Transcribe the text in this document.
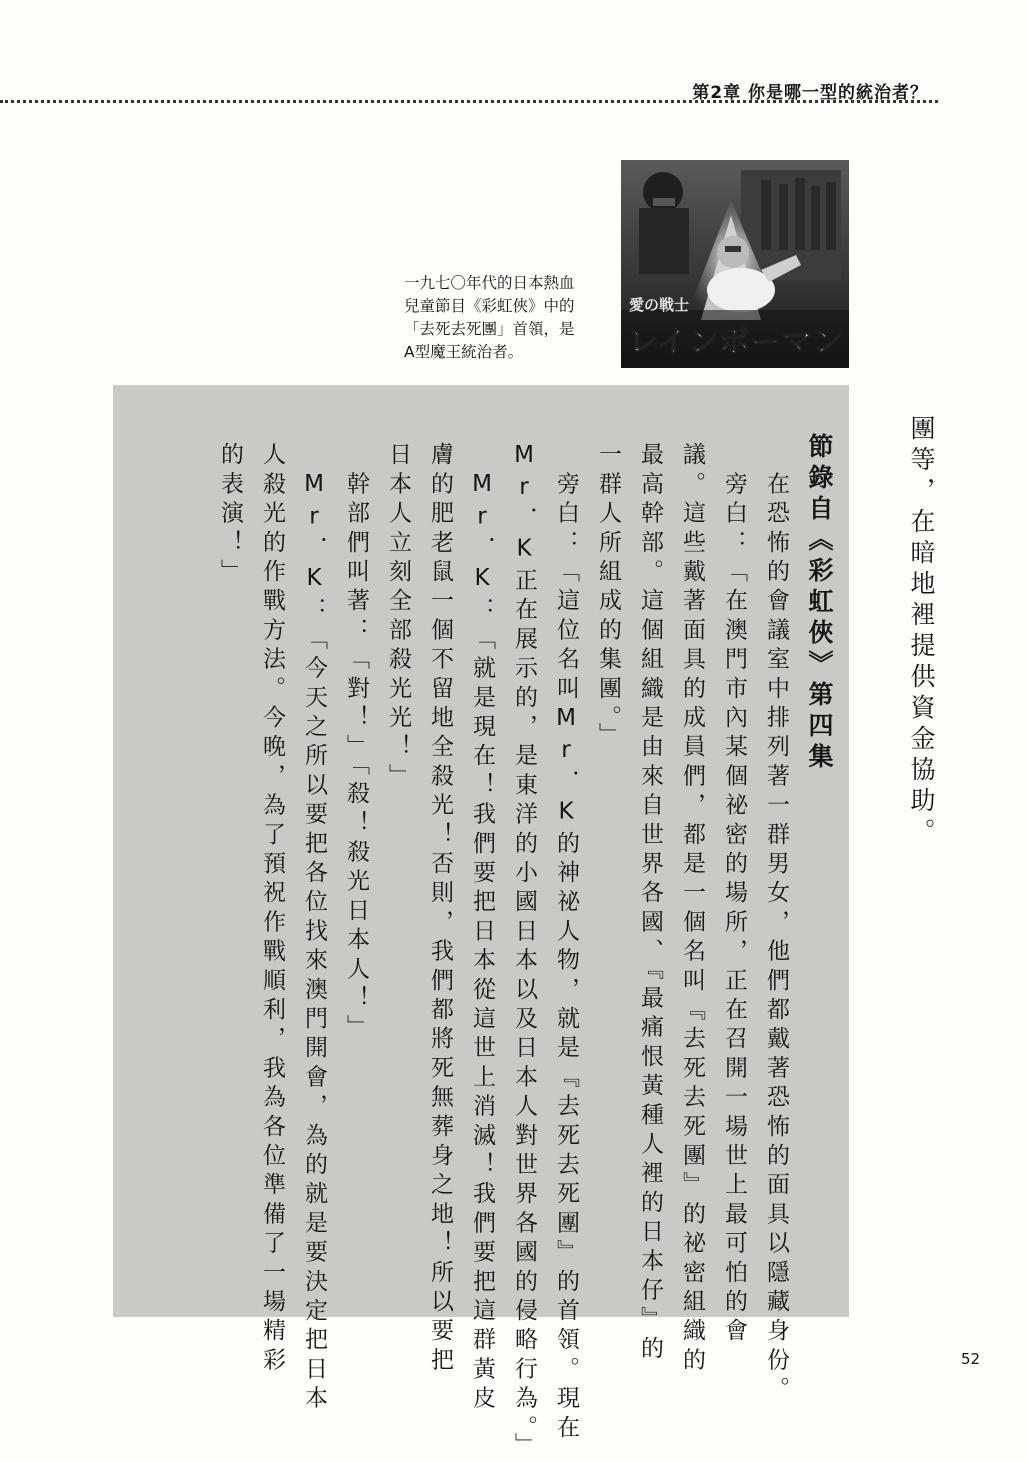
第2章 你是哪一型的統治者？
愛の戦士
レインボーマン
一九七〇年代的日本熱血
兒童節目《彩虹俠》中的
「去死去死團」首領，是
A型魔王統治者。
團等，在暗地裡提供資金協助。
節錄自《彩虹俠》第四集
　在恐怖的會議室中排列著一群男女，他們都戴著恐怖的面具以隱藏身份。
　旁白：「在澳門市內某個祕密的場所，正在召開一場世上最可怕的會
議。這些戴著面具的成員們，都是一個名叫『去死去死團』的祕密組織的
最高幹部。這個組織是由來自世界各國、『最痛恨黃種人裡的日本仔』的
一群人所組成的集團。」
　旁白：「這位名叫Mr．K的神祕人物，就是『去死去死團』的首領。現在
Mr．K正在展示的，是東洋的小國日本以及日本人對世界各國的侵略行為。」
　Mr．K：「就是現在！我們要把日本從這世上消滅！我們要把這群黃皮
膚的肥老鼠一個不留地全殺光！否則，我們都將死無葬身之地！所以要把
日本人立刻全部殺光光！」
　幹部們叫著：「對！」「殺！殺光日本人！」
　Mr．K：「今天之所以要把各位找來澳門開會，為的就是要決定把日本
人殺光的作戰方法。今晚，為了預祝作戰順利，我為各位準備了一場精彩
的表演！」
52
